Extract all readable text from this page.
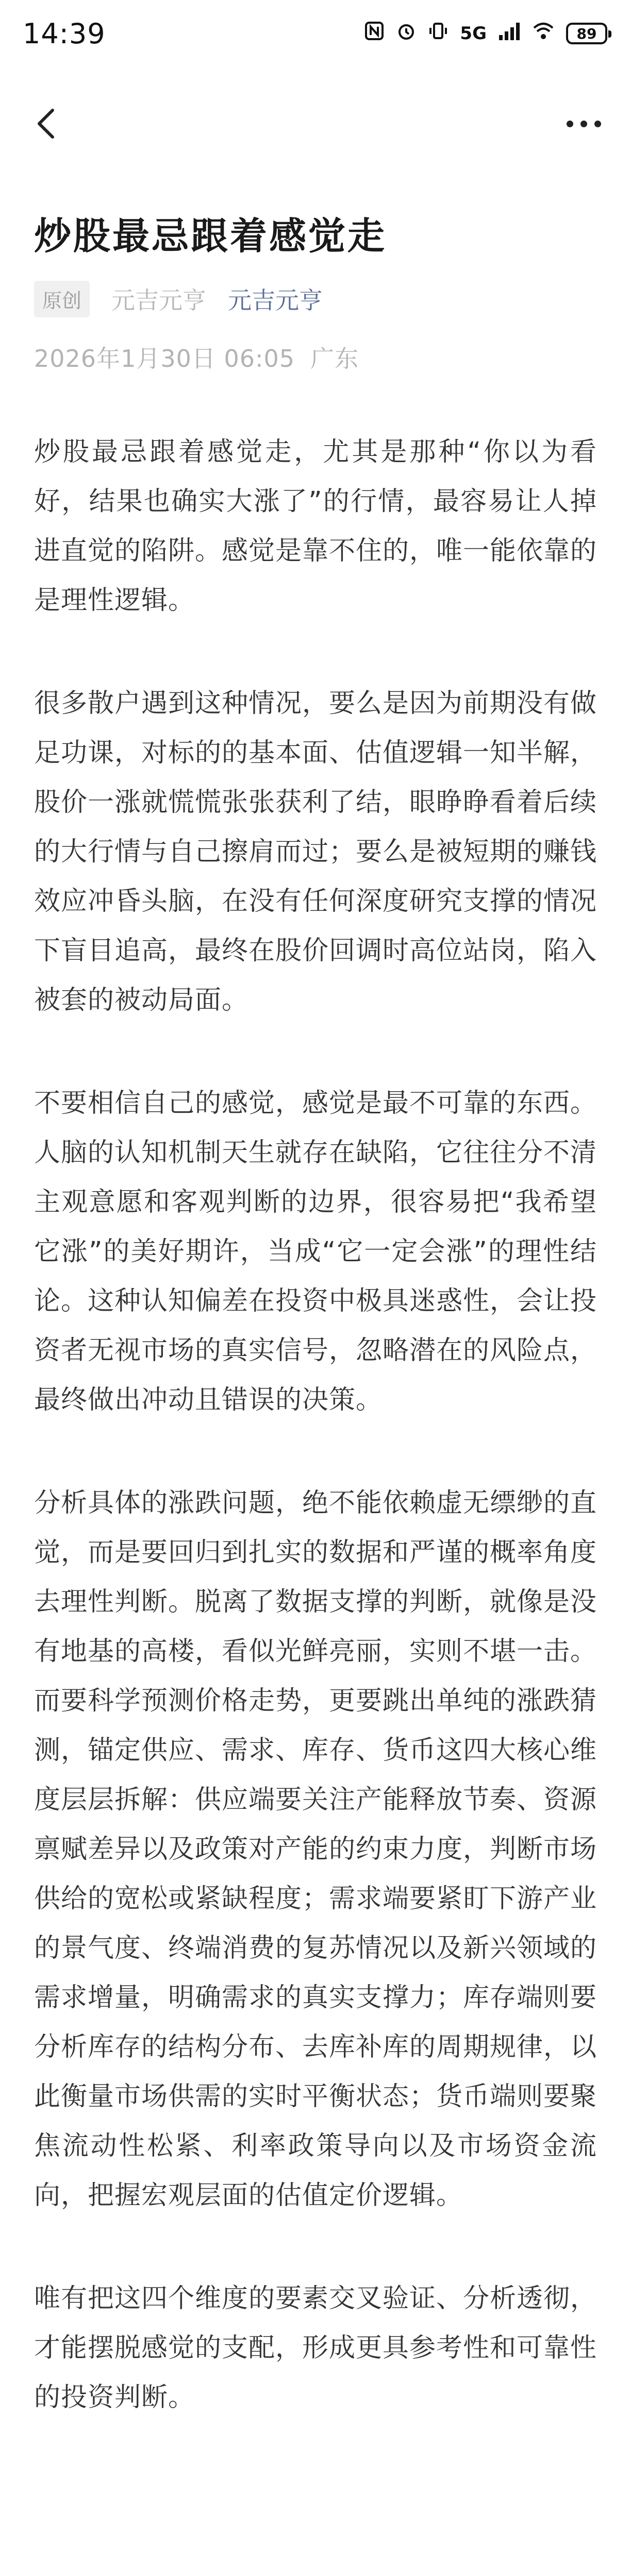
14:39	5G	89
炒股最忌跟着感觉走
原创	元吉元亨 元吉元亨
2026年1月30日 06:05 广东

炒股最忌跟着感觉走，尤其是那种“你以为看好，结果也确实大涨了”的行情，最容易让人掉进直觉的陷阱。感觉是靠不住的，唯一能依靠的是理性逻辑。

很多散户遇到这种情况，要么是因为前期没有做足功课，对标的的基本面、估值逻辑一知半解，股价一涨就慌慌张张获利了结，眼睁睁看着后续的大行情与自己擦肩而过；要么是被短期的赚钱效应冲昏头脑，在没有任何深度研究支撑的情况下盲目追高，最终在股价回调时高位站岗，陷入被套的被动局面。

不要相信自己的感觉，感觉是最不可靠的东西。人脑的认知机制天生就存在缺陷，它往往分不清主观意愿和客观判断的边界，很容易把“我希望它涨”的美好期许，当成“它一定会涨”的理性结论。这种认知偏差在投资中极具迷惑性，会让投资者无视市场的真实信号，忽略潜在的风险点，最终做出冲动且错误的决策。

分析具体的涨跌问题，绝不能依赖虚无缥缈的直觉，而是要回归到扎实的数据和严谨的概率角度去理性判断。脱离了数据支撑的判断，就像是没有地基的高楼，看似光鲜亮丽，实则不堪一击。而要科学预测价格走势，更要跳出单纯的涨跌猜测，锚定供应、需求、库存、货币这四大核心维度层层拆解：供应端要关注产能释放节奏、资源禀赋差异以及政策对产能的约束力度，判断市场供给的宽松或紧缺程度；需求端要紧盯下游产业的景气度、终端消费的复苏情况以及新兴领域的需求增量，明确需求的真实支撑力；库存端则要分析库存的结构分布、去库补库的周期规律，以此衡量市场供需的实时平衡状态；货币端则要聚焦流动性松紧、利率政策导向以及市场资金流向，把握宏观层面的估值定价逻辑。

唯有把这四个维度的要素交叉验证、分析透彻，才能摆脱感觉的支配，形成更具参考性和可靠性的投资判断。
